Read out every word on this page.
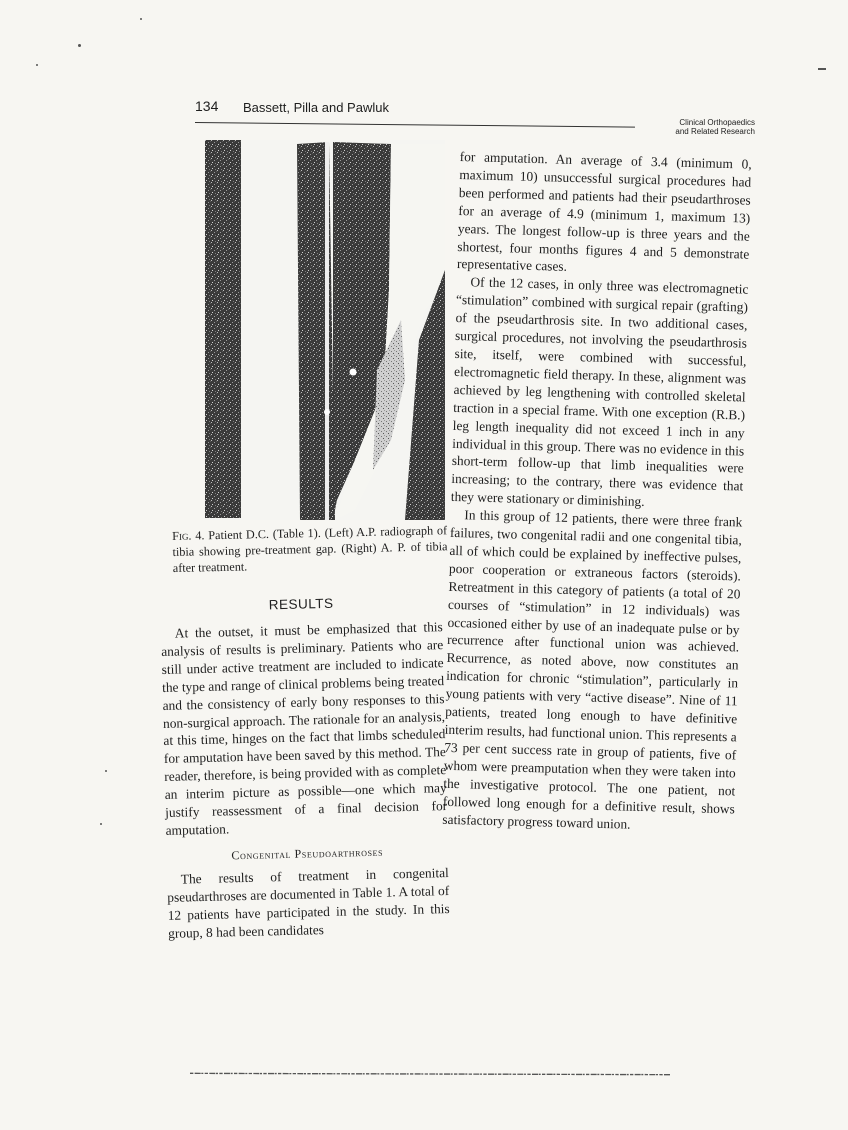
134 Bassett, Pilla and Pawluk
Clinical Orthopaedics
and Related Research
Fig. 4. Patient D.C. (Table 1). (Left) A.P. radiograph of tibia showing pre-treatment gap. (Right) A. P. of tibia after treatment.
RESULTS

At the outset, it must be emphasized that this analysis of results is preliminary. Patients who are still under active treatment are included to indicate the type and range of clinical problems being treated and the consistency of early bony responses to this non-surgical approach. The rationale for an analysis, at this time, hinges on the fact that limbs scheduled for amputation have been saved by this method. The reader, therefore, is being provided with as complete an interim picture as possible—one which may justify reassessment of a final decision for amputation.

Congenital Pseudoarthroses

The results of treatment in congenital pseudarthroses are documented in Table 1. A total of 12 patients have participated in the study. In this group, 8 had been candidates

for amputation. An average of 3.4 (minimum 0, maximum 10) unsuccessful surgical procedures had been performed and patients had their pseudarthroses for an average of 4.9 (minimum 1, maximum 13) years. The longest follow-up is three years and the shortest, four months figures 4 and 5 demonstrate representative cases.

Of the 12 cases, in only three was electromagnetic “stimulation” combined with surgical repair (grafting) of the pseudarthrosis site. In two additional cases, surgical procedures, not involving the pseudarthrosis site, itself, were combined with successful, electromagnetic field therapy. In these, alignment was achieved by leg lengthening with controlled skeletal traction in a special frame. With one exception (R.B.) leg length inequality did not exceed 1 inch in any individual in this group. There was no evidence in this short-term follow-up that limb inequalities were increasing; to the contrary, there was evidence that they were stationary or diminishing.

In this group of 12 patients, there were three frank failures, two congenital radii and one congenital tibia, all of which could be explained by ineffective pulses, poor cooperation or extraneous factors (steroids). Retreatment in this category of patients (a total of 20 courses of “stimulation” in 12 individuals) was occasioned either by use of an inadequate pulse or by recurrence after functional union was achieved. Recurrence, as noted above, now constitutes an indication for chronic “stimulation”, particularly in young patients with very “active disease”. Nine of 11 patients, treated long enough to have definitive interim results, had functional union. This represents a 73 per cent success rate in group of patients, five of whom were preamputation when they were taken into the investigative protocol. The one patient, not followed long enough for a definitive result, shows satisfactory progress toward union.
